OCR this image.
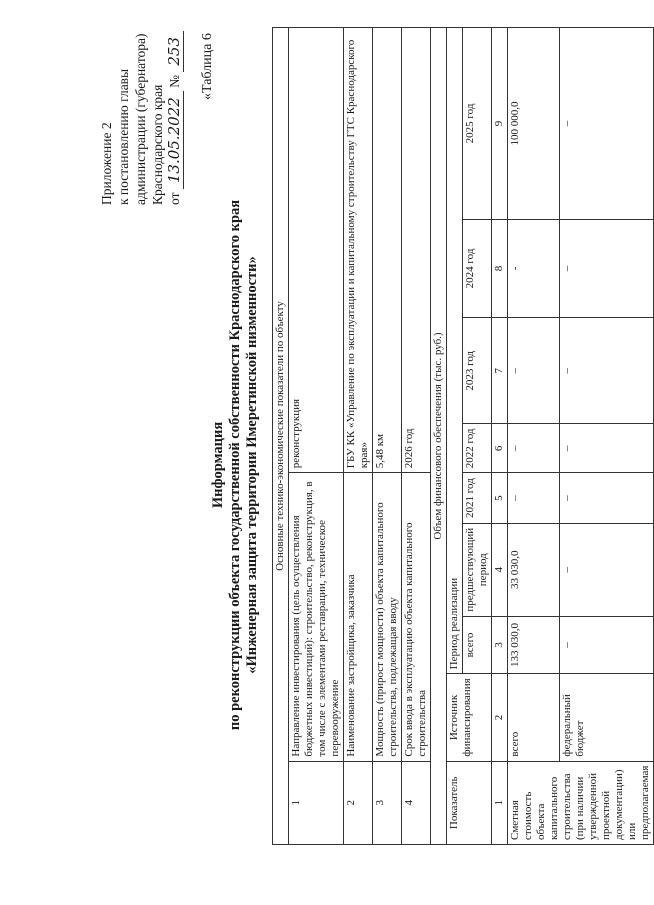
Приложение 2 к постановлению главы администрации (губернатора) Краснодарского края от 13.05.2022 № 253 «Таблица 6
Информация по реконструкции объекта государственной собственности Краснодарского края «Инженерная защита территории Имеретинской низменности» Основные технико-экономические показатели по объекту								
1	Направление инвестирования (цель осуществления бюджетных инвестиций): строительство, реконструкция, в том числе с элементами реставрации, техническое перевооружение				реконструкция			
2	Наименование застройщика, заказчика				ГБУ КК «Управление по эксплуатации и капитальному строительству ГТС Краснодарского края»			
3	Мощность (прирост мощности) объекта капитального строительства, подлежащая вводу				5,48 км			
4	Срок ввода в эксплуатацию объекта капитального строительства				2026 год			
Объем финансового обеспечения (тыс. руб.)								
Показатель	Источник финансирования	Период реализации						
		всего	предшествующий период	2021 год	2022 год	2023 год	2024 год	2025 год
1	2	3	4	5	6	7	8	9
Сметная стоимость объекта капитального строительства (при наличии утвержденной проектной документации) или предполагаемая	всего	133 030,0	33 030,0	–	–	–	-	100 000,0
	федеральный бюджет	–	–	–	–	–	–	–
